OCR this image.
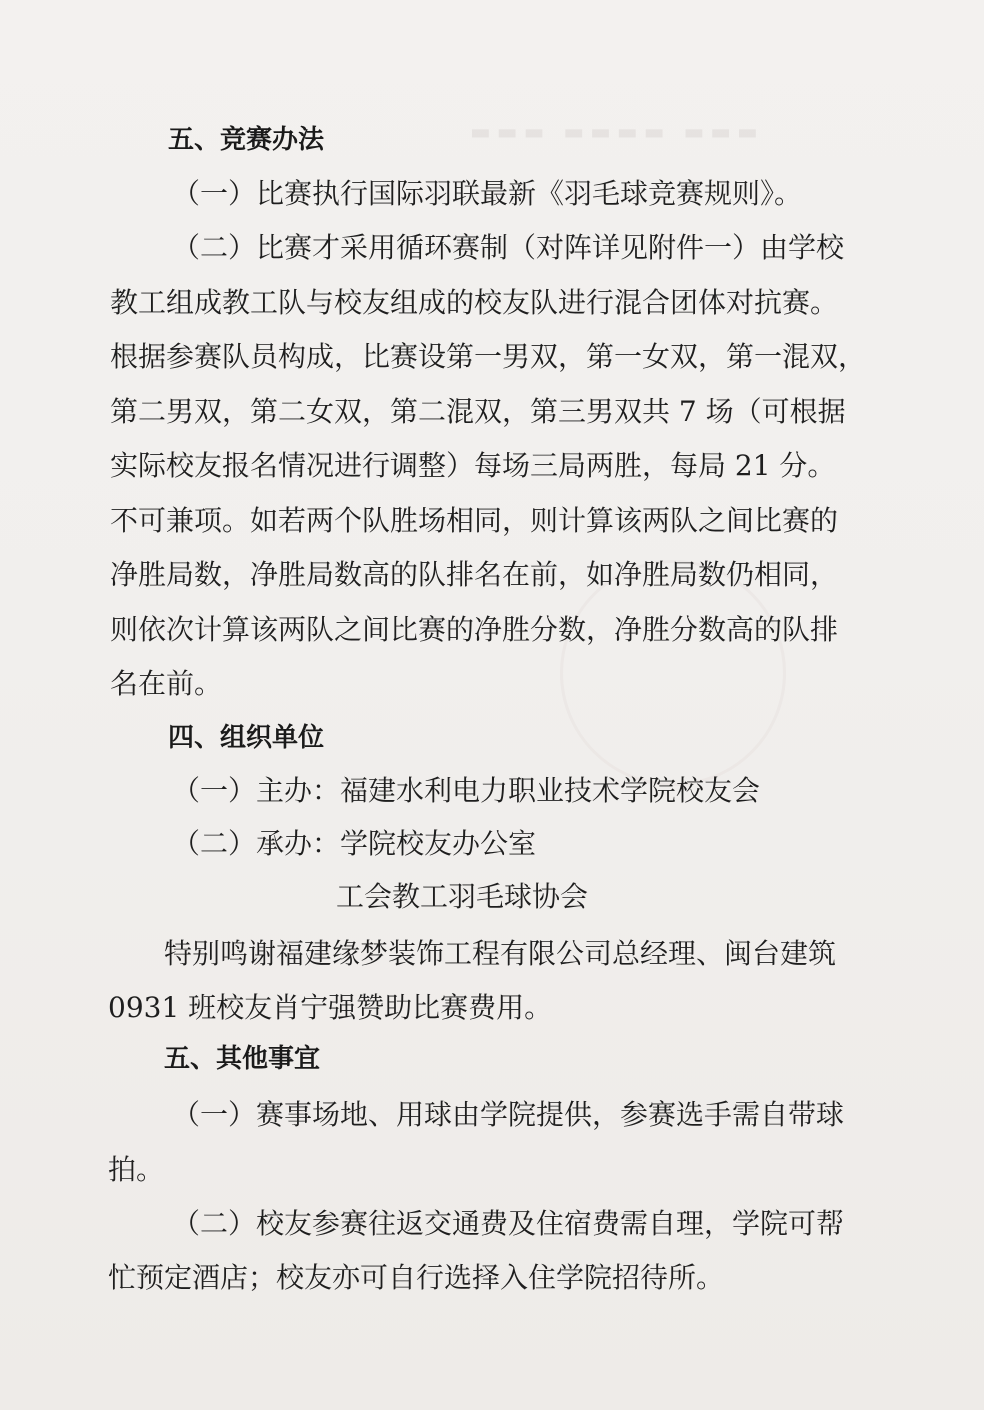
▬▬▬ ▬▬▬▬ ▬▬▬
五、竞赛办法
（一）比赛执行国际羽联最新《羽毛球竞赛规则》。
（二）比赛才采用循环赛制（对阵详见附件一）由学校
教工组成教工队与校友组成的校友队进行混合团体对抗赛。
根据参赛队员构成，比赛设第一男双，第一女双，第一混双，
第二男双，第二女双，第二混双，第三男双共 7 场（可根据
实际校友报名情况进行调整）每场三局两胜，每局 21 分。
不可兼项。如若两个队胜场相同，则计算该两队之间比赛的
净胜局数，净胜局数高的队排名在前，如净胜局数仍相同，
则依次计算该两队之间比赛的净胜分数，净胜分数高的队排
名在前。
四、组织单位
（一）主办：福建水利电力职业技术学院校友会
（二）承办：学院校友办公室
工会教工羽毛球协会
特别鸣谢福建缘梦装饰工程有限公司总经理、闽台建筑
0931 班校友肖宁强赞助比赛费用。
五、其他事宜
（一）赛事场地、用球由学院提供，参赛选手需自带球
拍。
（二）校友参赛往返交通费及住宿费需自理，学院可帮
忙预定酒店；校友亦可自行选择入住学院招待所。
